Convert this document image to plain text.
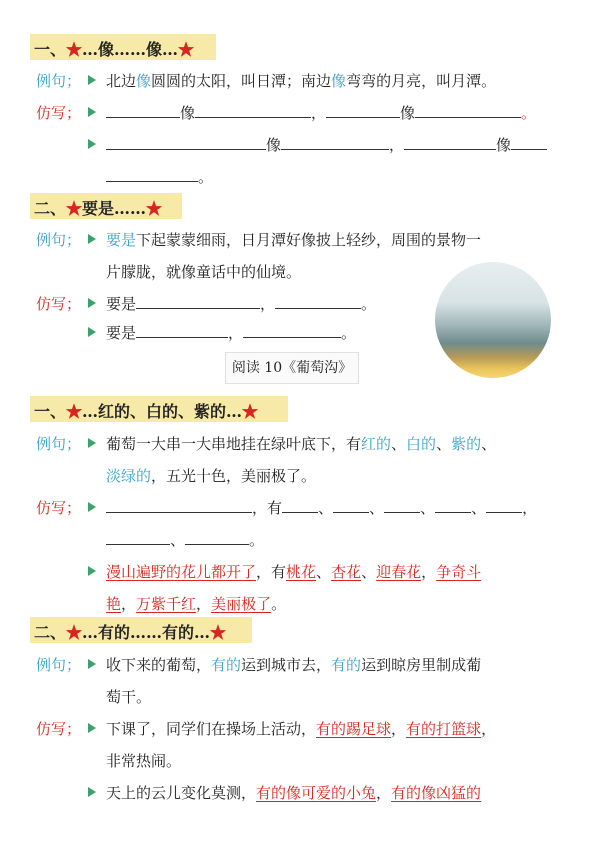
一、★…像……像…★
例句； 北边像圆圆的太阳，叫日潭；南边像弯弯的月亮，叫月潭。
仿写；	像	，	像	。
像	，	像
。
二、★要是……★
例句； 要是下起蒙蒙细雨，日月潭好像披上轻纱，周围的景物一
片朦胧，就像童话中的仙境。
仿写； 要是	，	。
要是	，	。
阅读 10《葡萄沟》
一、★…红的、白的、紫的…★
例句； 葡萄一大串一大串地挂在绿叶底下，有红的、白的、紫的、
淡绿的，五光十色，美丽极了。
仿写；	，有 、 、 、 、 ，
、	。
漫山遍野的花儿都开了，有桃花、杏花、迎春花，争奇斗
艳，万紫千红，美丽极了。
二、★…有的……有的…★
例句； 收下来的葡萄，有的运到城市去，有的运到晾房里制成葡
萄干。
仿写； 下课了，同学们在操场上活动，有的踢足球，有的打篮球，
非常热闹。
天上的云儿变化莫测，有的像可爱的小兔，有的像凶猛的
